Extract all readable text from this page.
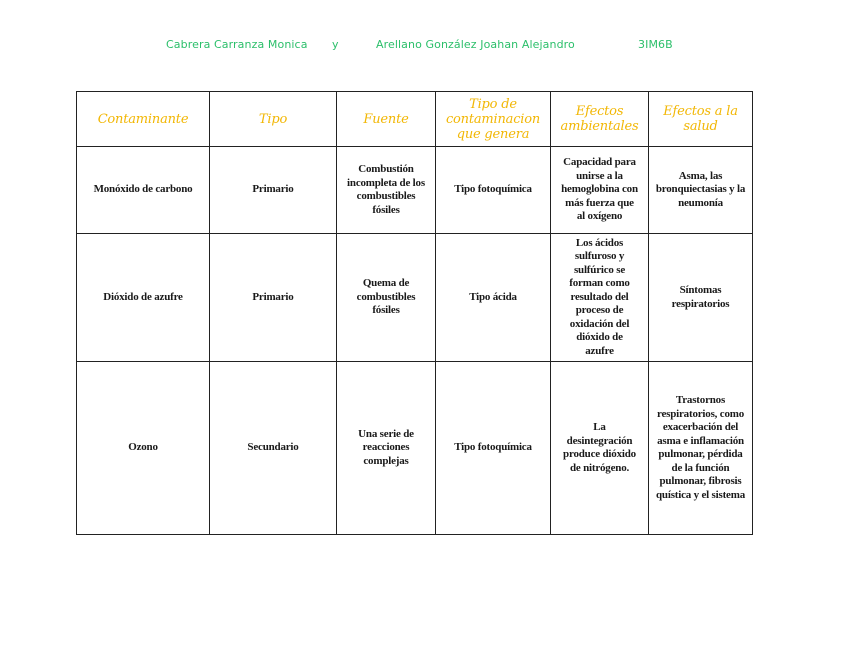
Cabrera Carranza Monica y	Arellano González Joahan Alejandro	3IM6B
Contaminante	Tipo	Fuente	Tipo de contaminacion que genera	Efectos ambientales	Efectos a la salud
Monóxido de carbono	Primario	Combustión incompleta de los combustibles fósiles	Tipo fotoquímica	Capacidad para unirse a la hemoglobina con más fuerza que al oxígeno	Asma, las bronquiectasias y la neumonía
Dióxido de azufre	Primario	Quema de combustibles fósiles	Tipo ácida	Los ácidos sulfuroso y sulfúrico se forman como resultado del proceso de oxidación del dióxido de azufre	Síntomas respiratorios
Ozono	Secundario	Una serie de reacciones complejas	Tipo fotoquímica	La desintegración produce dióxido de nitrógeno.	Trastornos respiratorios, como exacerbación del asma e inflamación pulmonar, pérdida de la función pulmonar, fibrosis quística y el sistema
